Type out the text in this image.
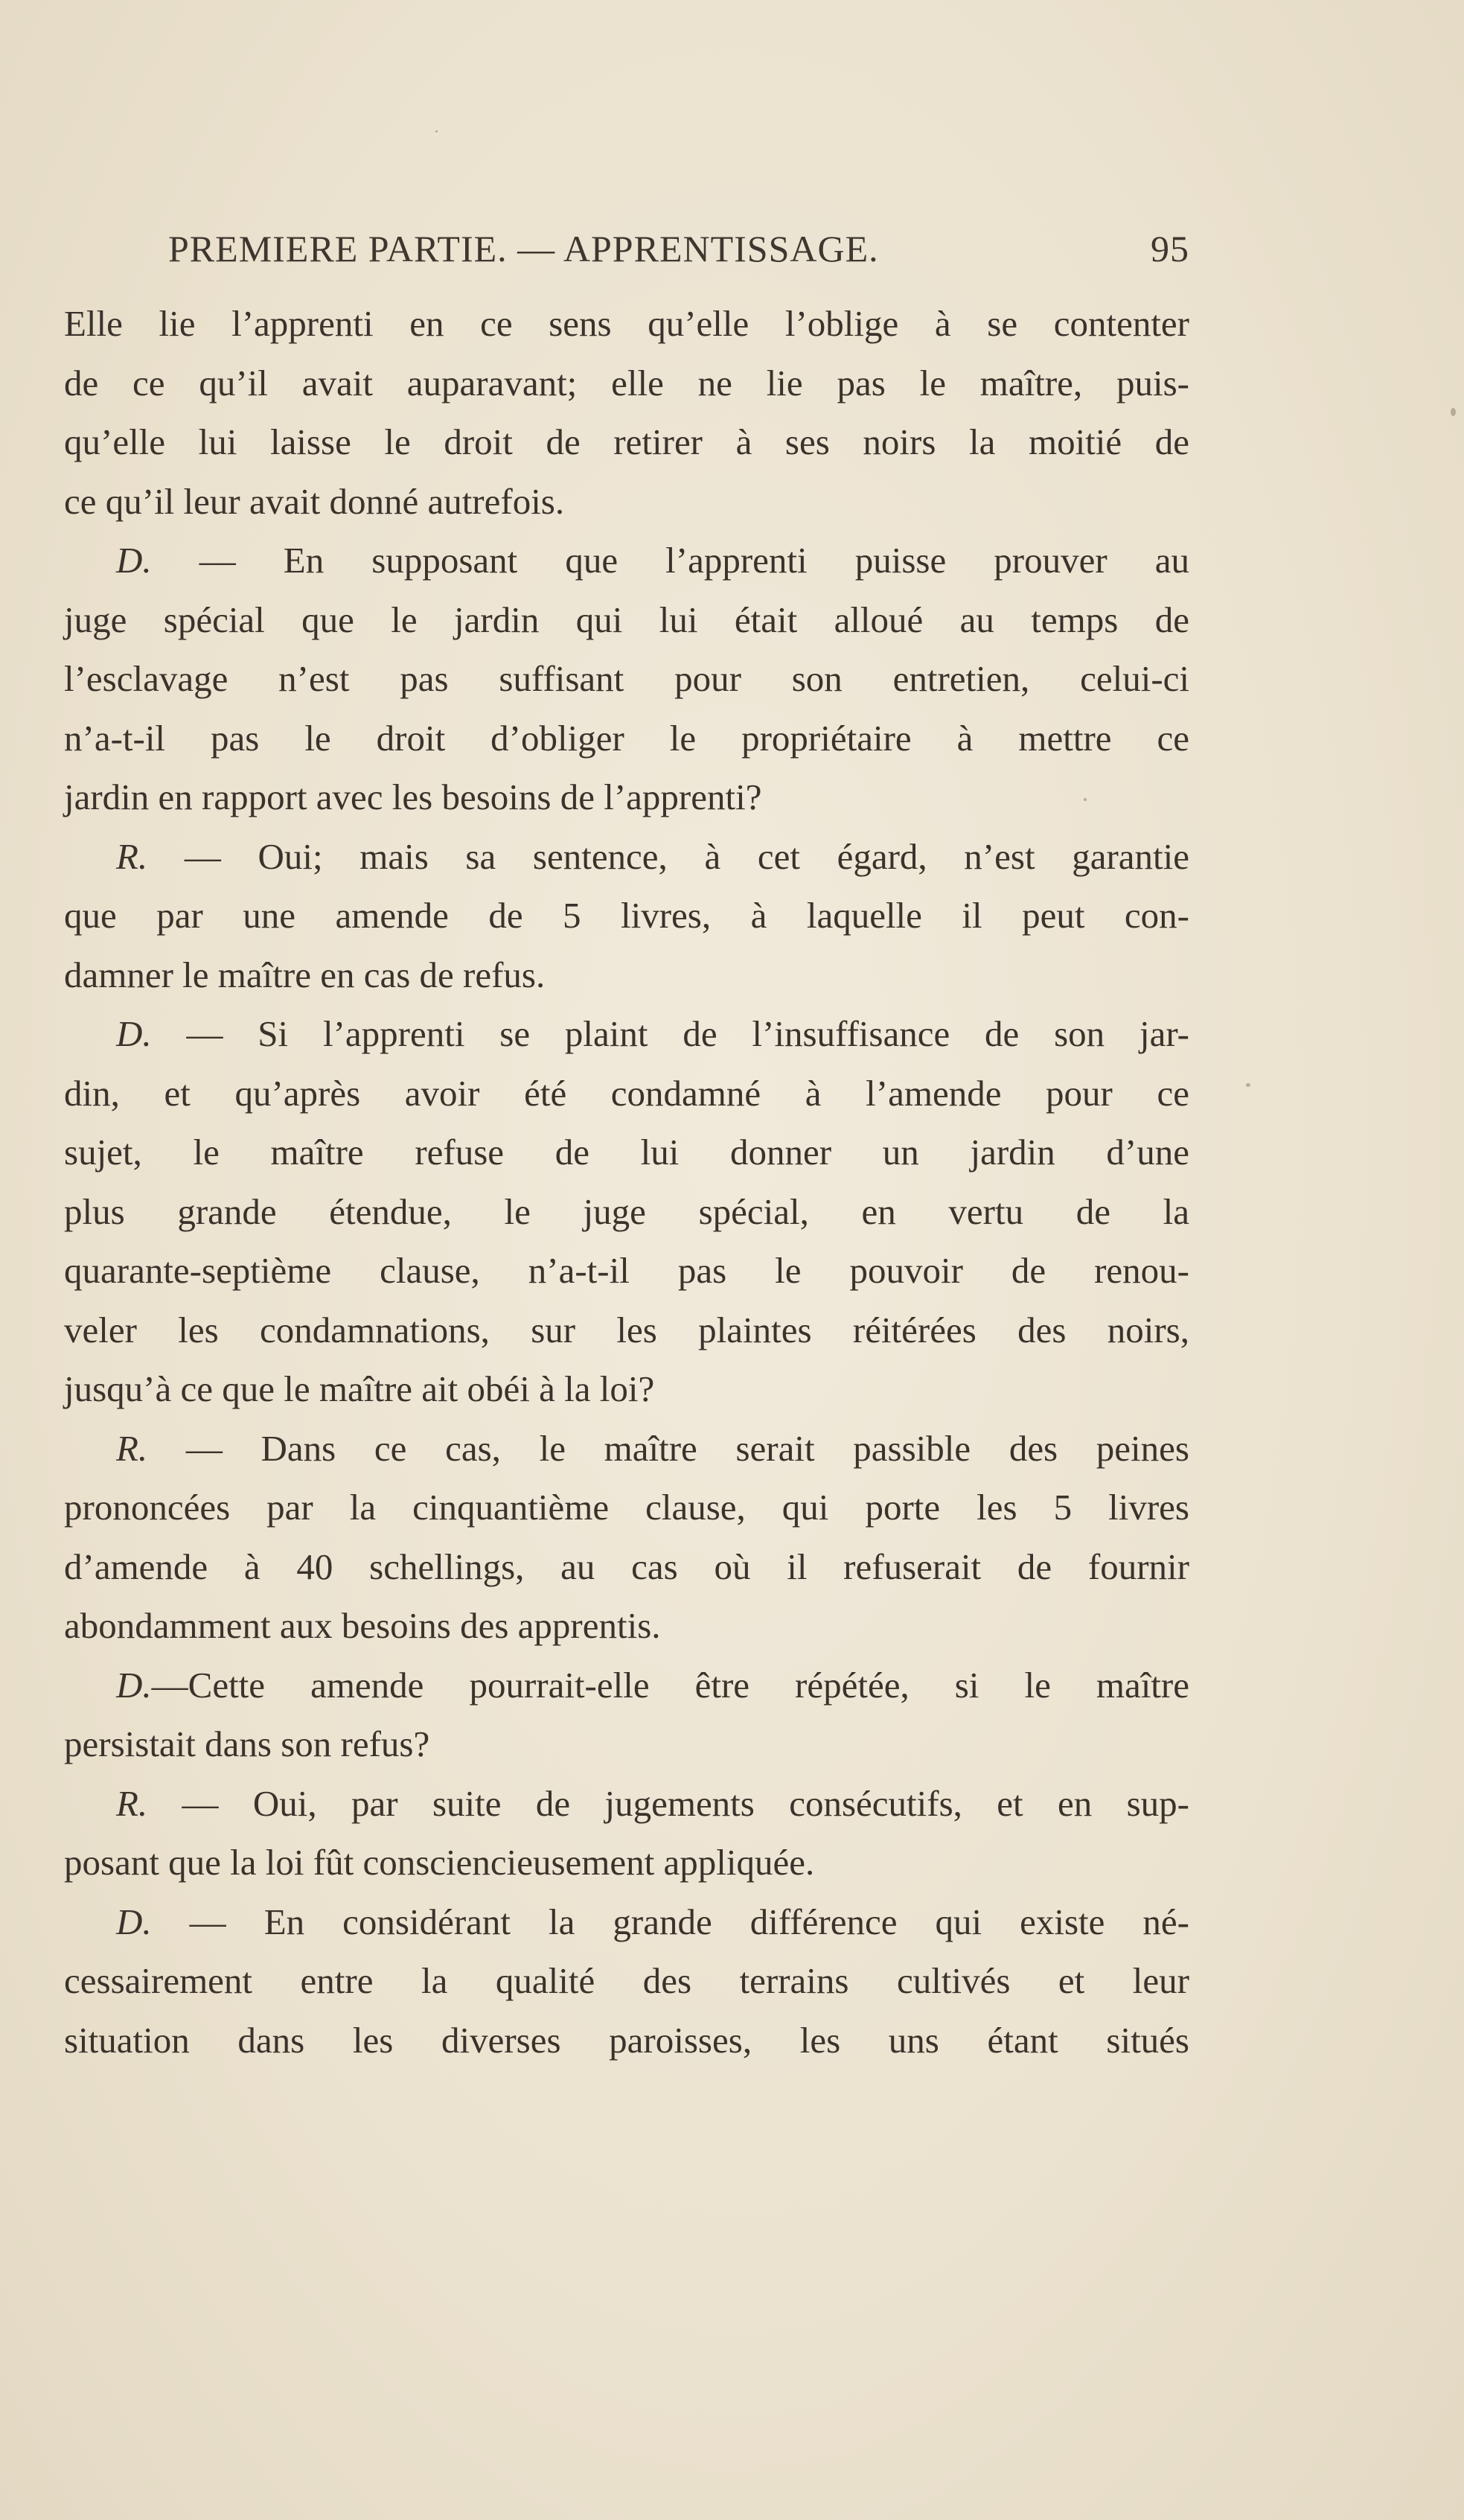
PREMIERE PARTIE. — APPRENTISSAGE.	95
Elle lie l’apprenti en ce sens qu’elle l’oblige à se contenter
de ce qu’il avait auparavant; elle ne lie pas le maître, puis-
qu’elle lui laisse le droit de retirer à ses noirs la moitié de
ce qu’il leur avait donné autrefois.
D. — En supposant que l’apprenti puisse prouver au
juge spécial que le jardin qui lui était alloué au temps de
l’esclavage n’est pas suffisant pour son entretien, celui-ci
n’a-t-il pas le droit d’obliger le propriétaire à mettre ce
jardin en rapport avec les besoins de l’apprenti?
R. — Oui; mais sa sentence, à cet égard, n’est garantie
que par une amende de 5 livres, à laquelle il peut con-
damner le maître en cas de refus.
D. — Si l’apprenti se plaint de l’insuffisance de son jar-
din, et qu’après avoir été condamné à l’amende pour ce
sujet, le maître refuse de lui donner un jardin d’une
plus grande étendue, le juge spécial, en vertu de la
quarante-septième clause, n’a-t-il pas le pouvoir de renou-
veler les condamnations, sur les plaintes réitérées des noirs,
jusqu’à ce que le maître ait obéi à la loi?
R. — Dans ce cas, le maître serait passible des peines
prononcées par la cinquantième clause, qui porte les 5 livres
d’amende à 40 schellings, au cas où il refuserait de fournir
abondamment aux besoins des apprentis.
D.—Cette amende pourrait-elle être répétée, si le maître
persistait dans son refus?
R. — Oui, par suite de jugements consécutifs, et en sup-
posant que la loi fût consciencieusement appliquée.
D. — En considérant la grande différence qui existe né-
cessairement entre la qualité des terrains cultivés et leur
situation dans les diverses paroisses, les uns étant situés
